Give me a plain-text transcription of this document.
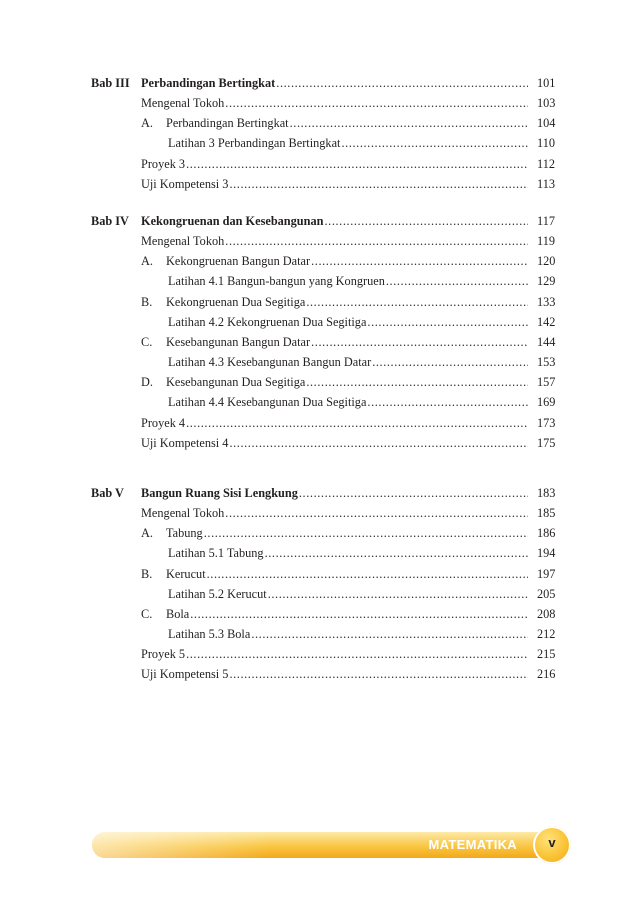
Bab III Perbandingan Bertingkat .....	101
Mengenal Tokoh .....	103
A.	Perbandingan Bertingkat .....	104
Latihan 3 Perbandingan Bertingkat .....	110
Proyek 3 .....	112
Uji Kompetensi 3 .....	113
Bab IV Kekongruenan dan Kesebangunan .....	117
Mengenal Tokoh .....	119
A.	Kekongruenan Bangun Datar .....	120
Latihan 4.1 Bangun-bangun yang Kongruen .....	129
B.	Kekongruenan Dua Segitiga .....	133
Latihan 4.2 Kekongruenan Dua Segitiga .....	142
C.	Kesebangunan Bangun Datar .....	144
Latihan 4.3 Kesebangunan Bangun Datar .....	153
D.	Kesebangunan Dua Segitiga .....	157
Latihan 4.4 Kesebangunan Dua Segitiga .....	169
Proyek 4 .....	173
Uji Kompetensi 4 .....	175
Bab V Bangun Ruang Sisi Lengkung .....	183
Mengenal Tokoh .....	185
A.	Tabung .....	186
Latihan 5.1 Tabung .....	194
B.	Kerucut .....	197
Latihan 5.2 Kerucut .....	205
C.	Bola .....	208
Latihan 5.3 Bola .....	212
Proyek 5 .....	215
Uji Kompetensi 5 .....	216
MATEMATIKA	v
